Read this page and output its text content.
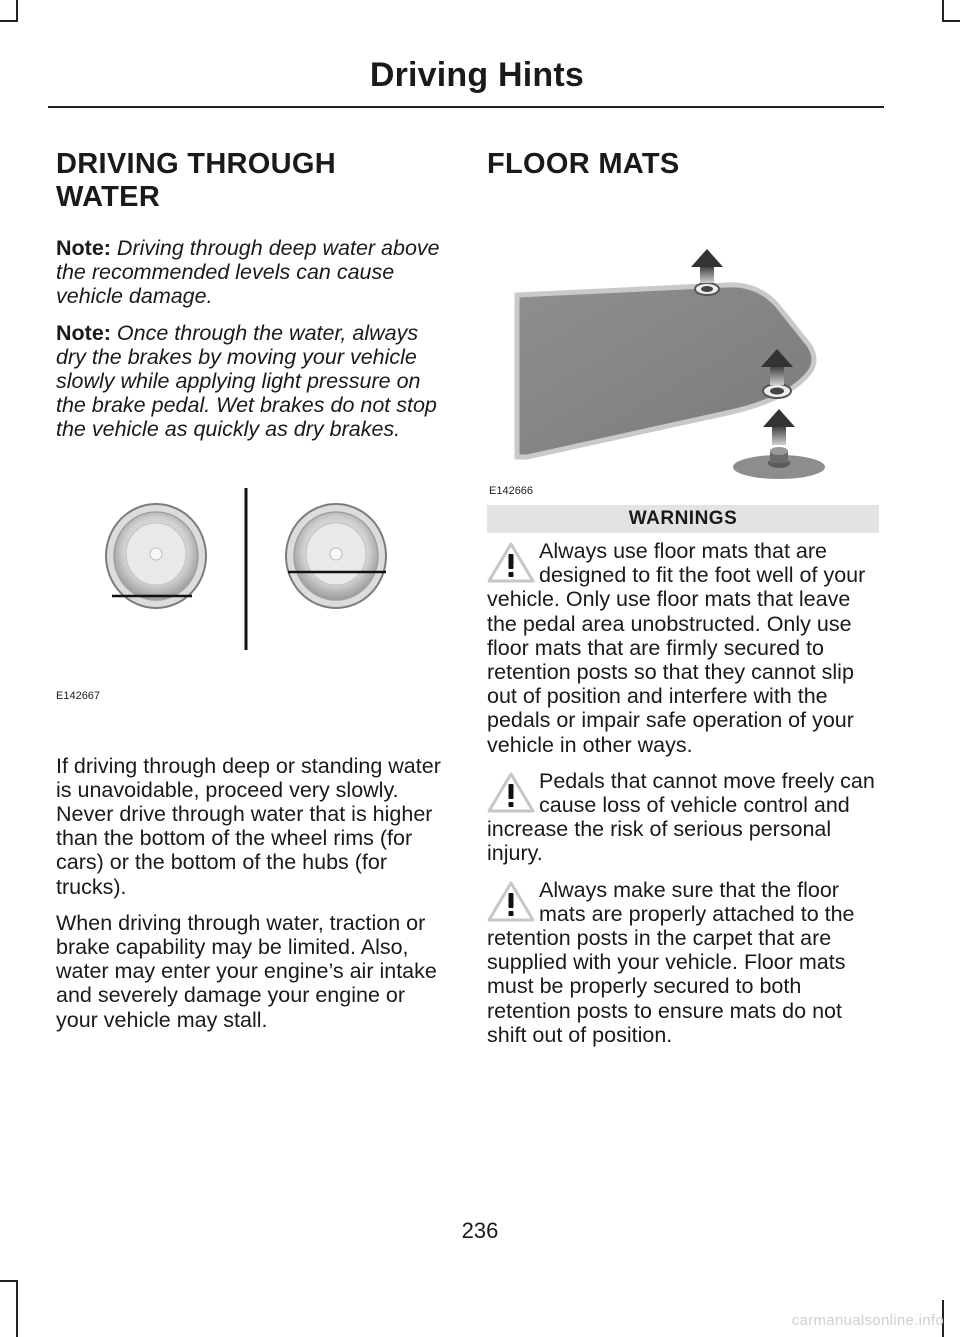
Driving Hints
DRIVING THROUGH WATER

Note: Driving through deep water above the recommended levels can cause vehicle damage.

Note: Once through the water, always dry the brakes by moving your vehicle slowly while applying light pressure on the brake pedal. Wet brakes do not stop the vehicle as quickly as dry brakes.

E142667

If driving through deep or standing water is unavoidable, proceed very slowly. Never drive through water that is higher than the bottom of the wheel rims (for cars) or the bottom of the hubs (for trucks).

When driving through water, traction or brake capability may be limited. Also, water may enter your engine’s air intake and severely damage your engine or your vehicle may stall.

FLOOR MATS
E142666
WARNINGS
Always use floor mats that are designed to fit the foot well of your vehicle. Only use floor mats that leave the pedal area unobstructed. Only use floor mats that are firmly secured to retention posts so that they cannot slip out of position and interfere with the pedals or impair safe operation of your vehicle in other ways.
Pedals that cannot move freely can cause loss of vehicle control and increase the risk of serious personal injury.
Always make sure that the floor mats are properly attached to the retention posts in the carpet that are supplied with your vehicle. Floor mats must be properly secured to both retention posts to ensure mats do not shift out of position.
236
carmanualsonline.info
